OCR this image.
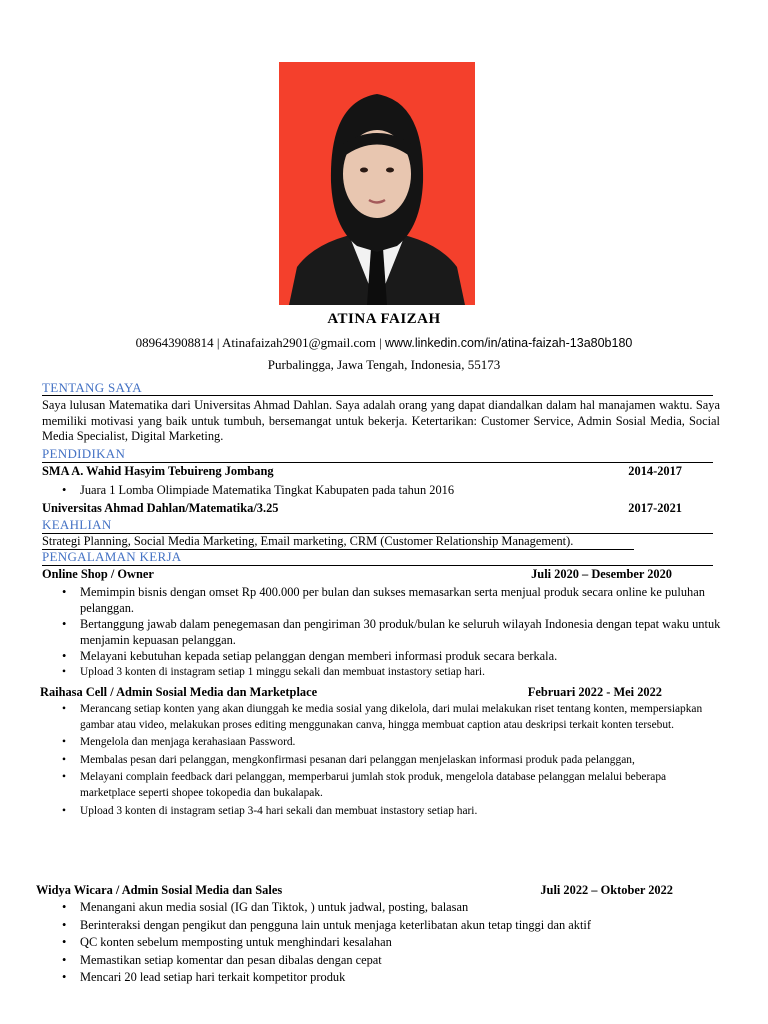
ATINA FAIZAH
089643908814 | Atinafaizah2901@gmail.com | www.linkedin.com/in/atina-faizah-13a80b180
Purbalingga, Jawa Tengah, Indonesia, 55173
TENTANG SAYA
Saya lulusan Matematika dari Universitas Ahmad Dahlan. Saya adalah orang yang dapat diandalkan dalam hal manajamen waktu. Saya memiliki motivasi yang baik untuk tumbuh, bersemangat untuk bekerja. Ketertarikan: Customer Service, Admin Sosial Media, Social Media Specialist, Digital Marketing.
PENDIDIKAN
SMA A. Wahid Hasyim Tebuireng Jombang	2014-2017
• Juara 1 Lomba Olimpiade Matematika Tingkat Kabupaten pada tahun 2016
Universitas Ahmad Dahlan/Matematika/3.25	2017-2021
KEAHLIAN
Strategi Planning, Social Media Marketing, Email marketing, CRM (Customer Relationship Management).
PENGALAMAN KERJA
Online Shop / Owner	Juli 2020 – Desember 2020
• Memimpin bisnis dengan omset Rp 400.000 per bulan dan sukses memasarkan serta menjual produk secara online ke puluhan pelanggan.
• Bertanggung jawab dalam penegemasan dan pengiriman 30 produk/bulan ke seluruh wilayah Indonesia dengan tepat waku untuk menjamin kepuasan pelanggan.
• Melayani kebutuhan kepada setiap pelanggan dengan memberi informasi produk secara berkala.
• Upload 3 konten di instagram setiap 1 minggu sekali dan membuat instastory setiap hari.
Raihasa Cell / Admin Sosial Media dan Marketplace	Februari 2022 - Mei 2022
• Merancang setiap konten yang akan diunggah ke media sosial yang dikelola, dari mulai melakukan riset tentang konten, mempersiapkan gambar atau video, melakukan proses editing menggunakan canva, hingga membuat caption atau deskripsi terkait konten tersebut.
• Mengelola dan menjaga kerahasiaan Password.
• Membalas pesan dari pelanggan, mengkonfirmasi pesanan dari pelanggan menjelaskan informasi produk pada pelanggan,
• Melayani complain feedback dari pelanggan, memperbarui jumlah stok produk, mengelola database pelanggan melalui beberapa marketplace seperti shopee tokopedia dan bukalapak.
• Upload 3 konten di instagram setiap 3-4 hari sekali dan membuat instastory setiap hari.
Widya Wicara / Admin Sosial Media dan Sales	Juli 2022 – Oktober 2022
• Menangani akun media sosial (IG dan Tiktok, ) untuk jadwal, posting, balasan
• Berinteraksi dengan pengikut dan pengguna lain untuk menjaga keterlibatan akun tetap tinggi dan aktif
• QC konten sebelum memposting untuk menghindari kesalahan
• Memastikan setiap komentar dan pesan dibalas dengan cepat
• Mencari 20 lead setiap hari terkait kompetitor produk
